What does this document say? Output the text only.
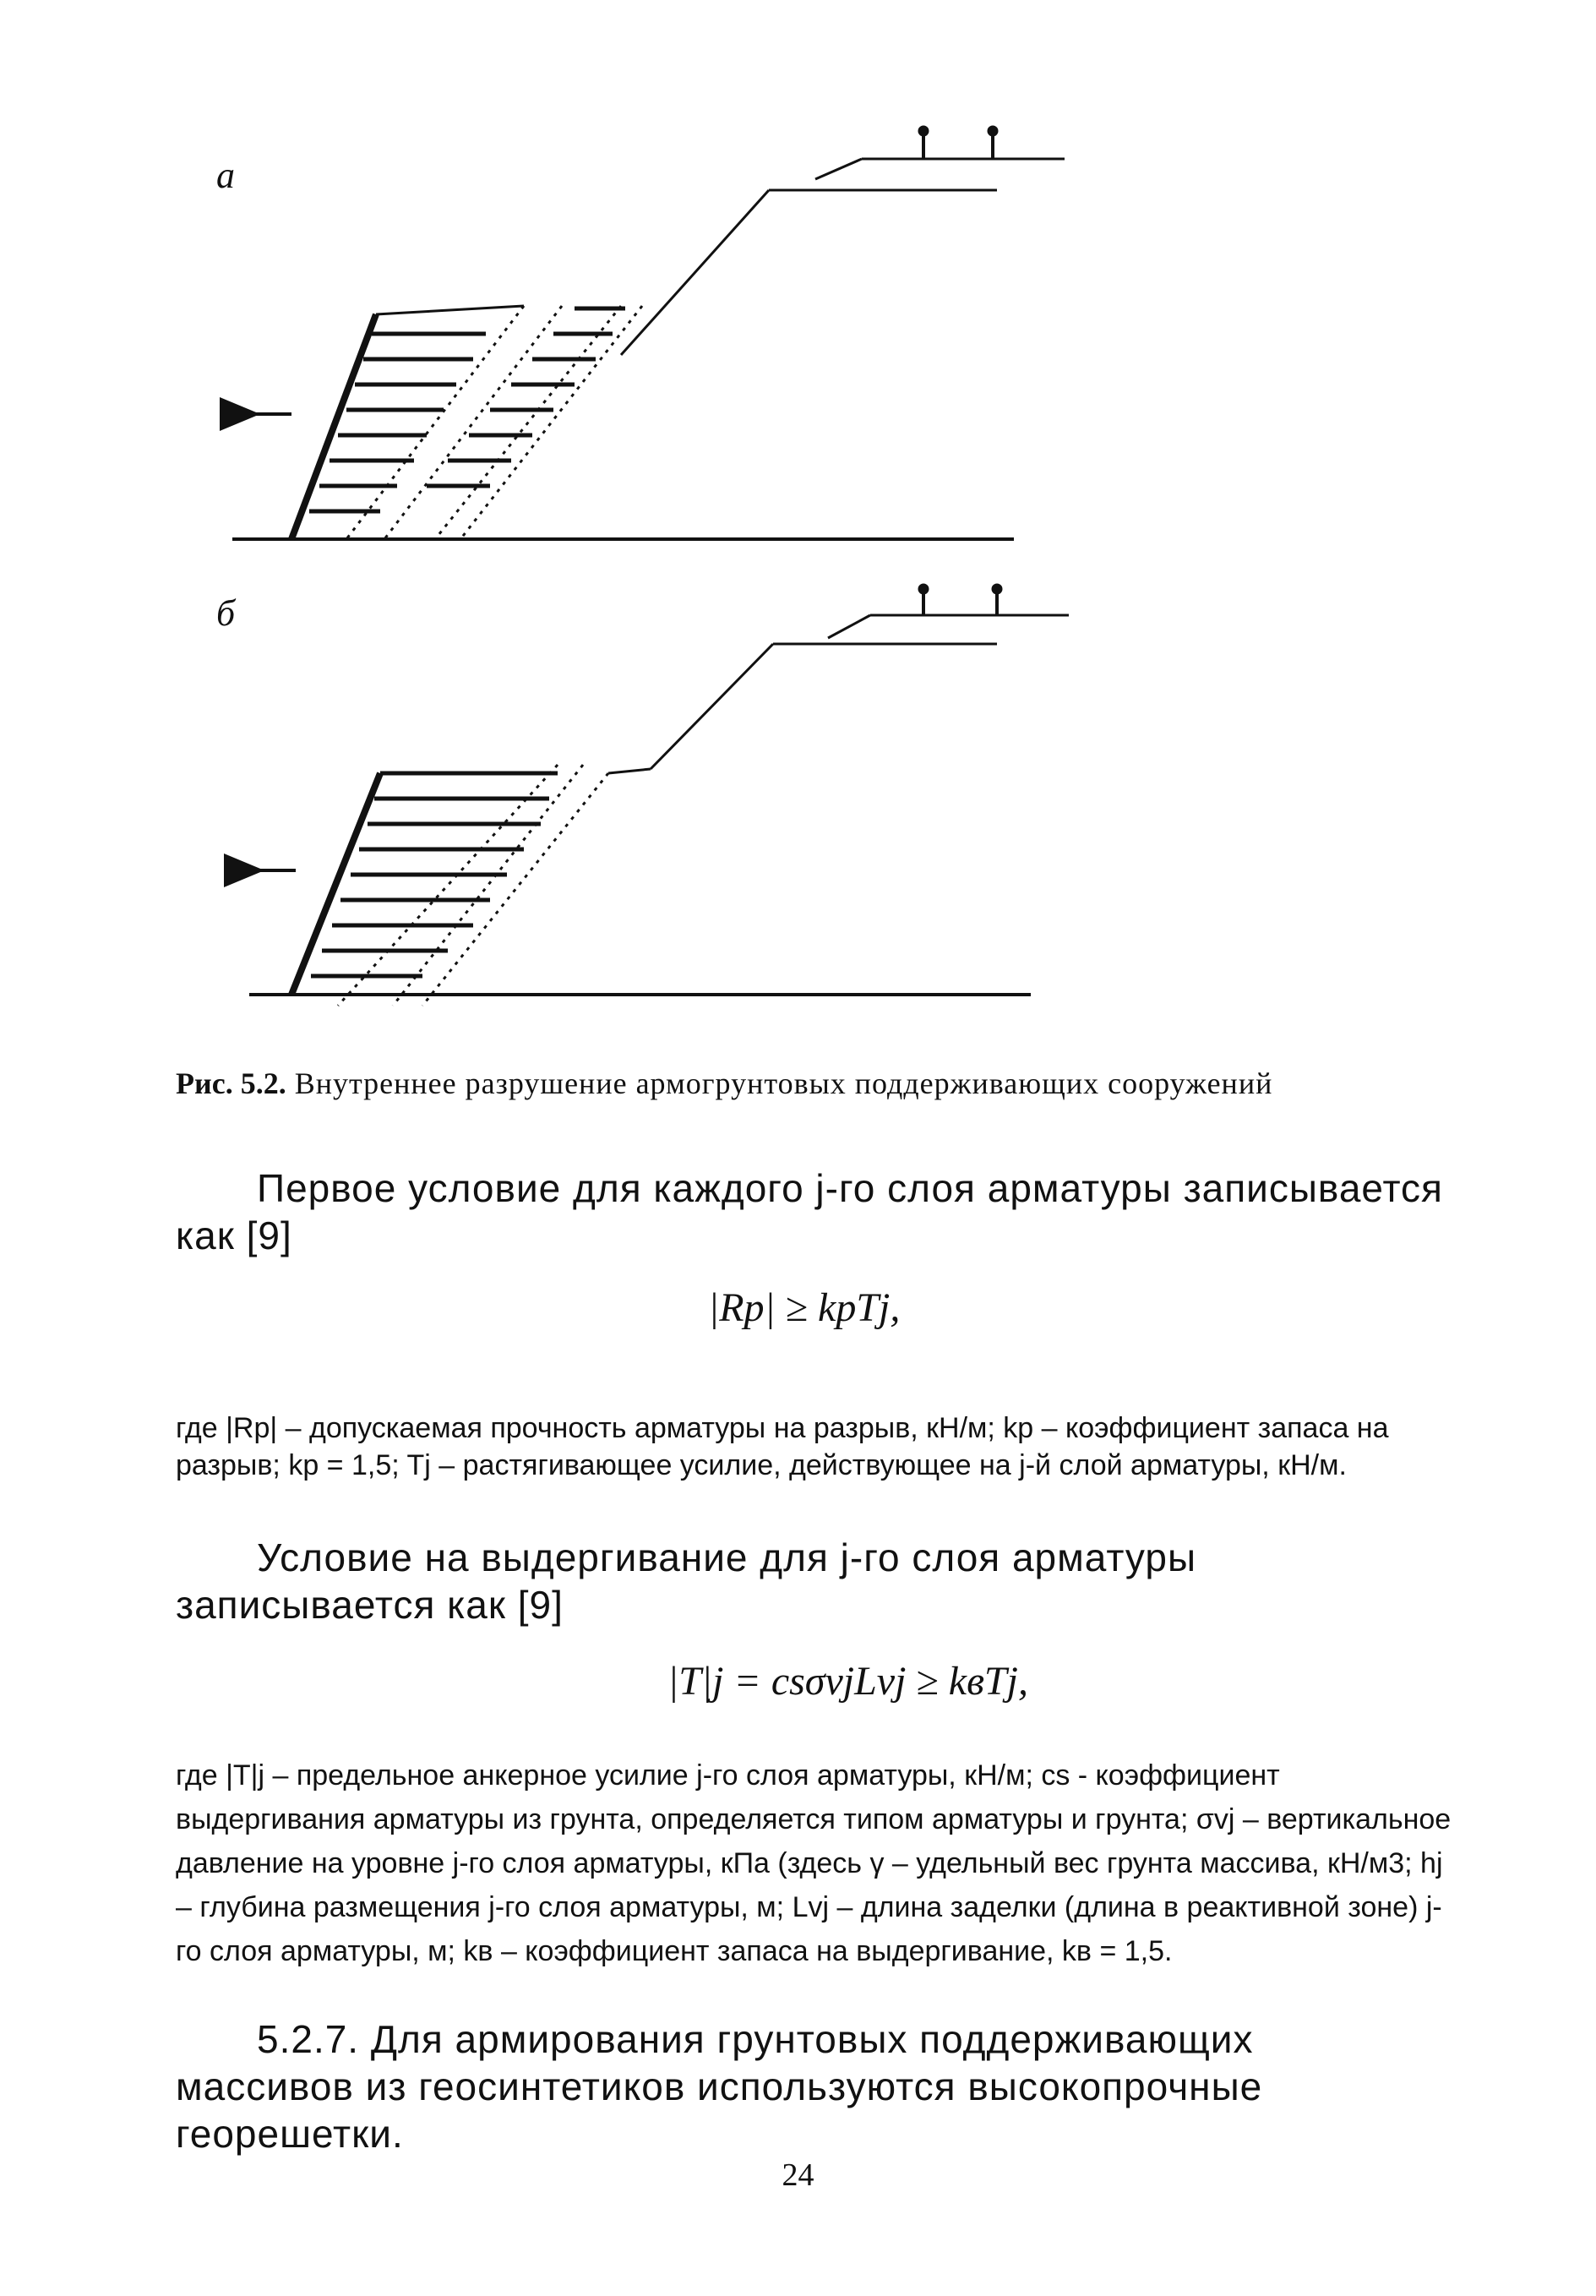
а
б
Рис. 5.2. Внутреннее разрушение армогрунтовых поддерживающих сооружений
Первое условие для каждого j-го слоя арматуры записывается как [9]
|Rp| ≥ kpTj,
где |Rp| – допускаемая прочность арматуры на разрыв, кН/м; kp – коэффициент запаса на разрыв; kp = 1,5; Tj – растягивающее усилие, действующее на j-й слой арматуры, кН/м.
Условие на выдергивание для j-го слоя арматуры записывается как [9]
|T|j = csσvjLvj ≥ kвTj,
где |T|j – предельное анкерное усилие j-го слоя арматуры, кН/м; cs - коэффициент выдергивания арматуры из грунта, определяется типом арматуры и грунта; σvj – вертикальное давление на уровне j-го слоя арматуры, кПа (здесь γ – удельный вес грунта массива, кН/м3; hj – глубина размещения j-го слоя арматуры, м; Lvj – длина заделки (длина в реактивной зоне) j-го слоя арматуры, м; kв – коэффициент запаса на выдергивание, kв = 1,5.
5.2.7. Для армирования грунтовых поддерживающих массивов из геосинтетиков используются высокопрочные георешетки.
24
